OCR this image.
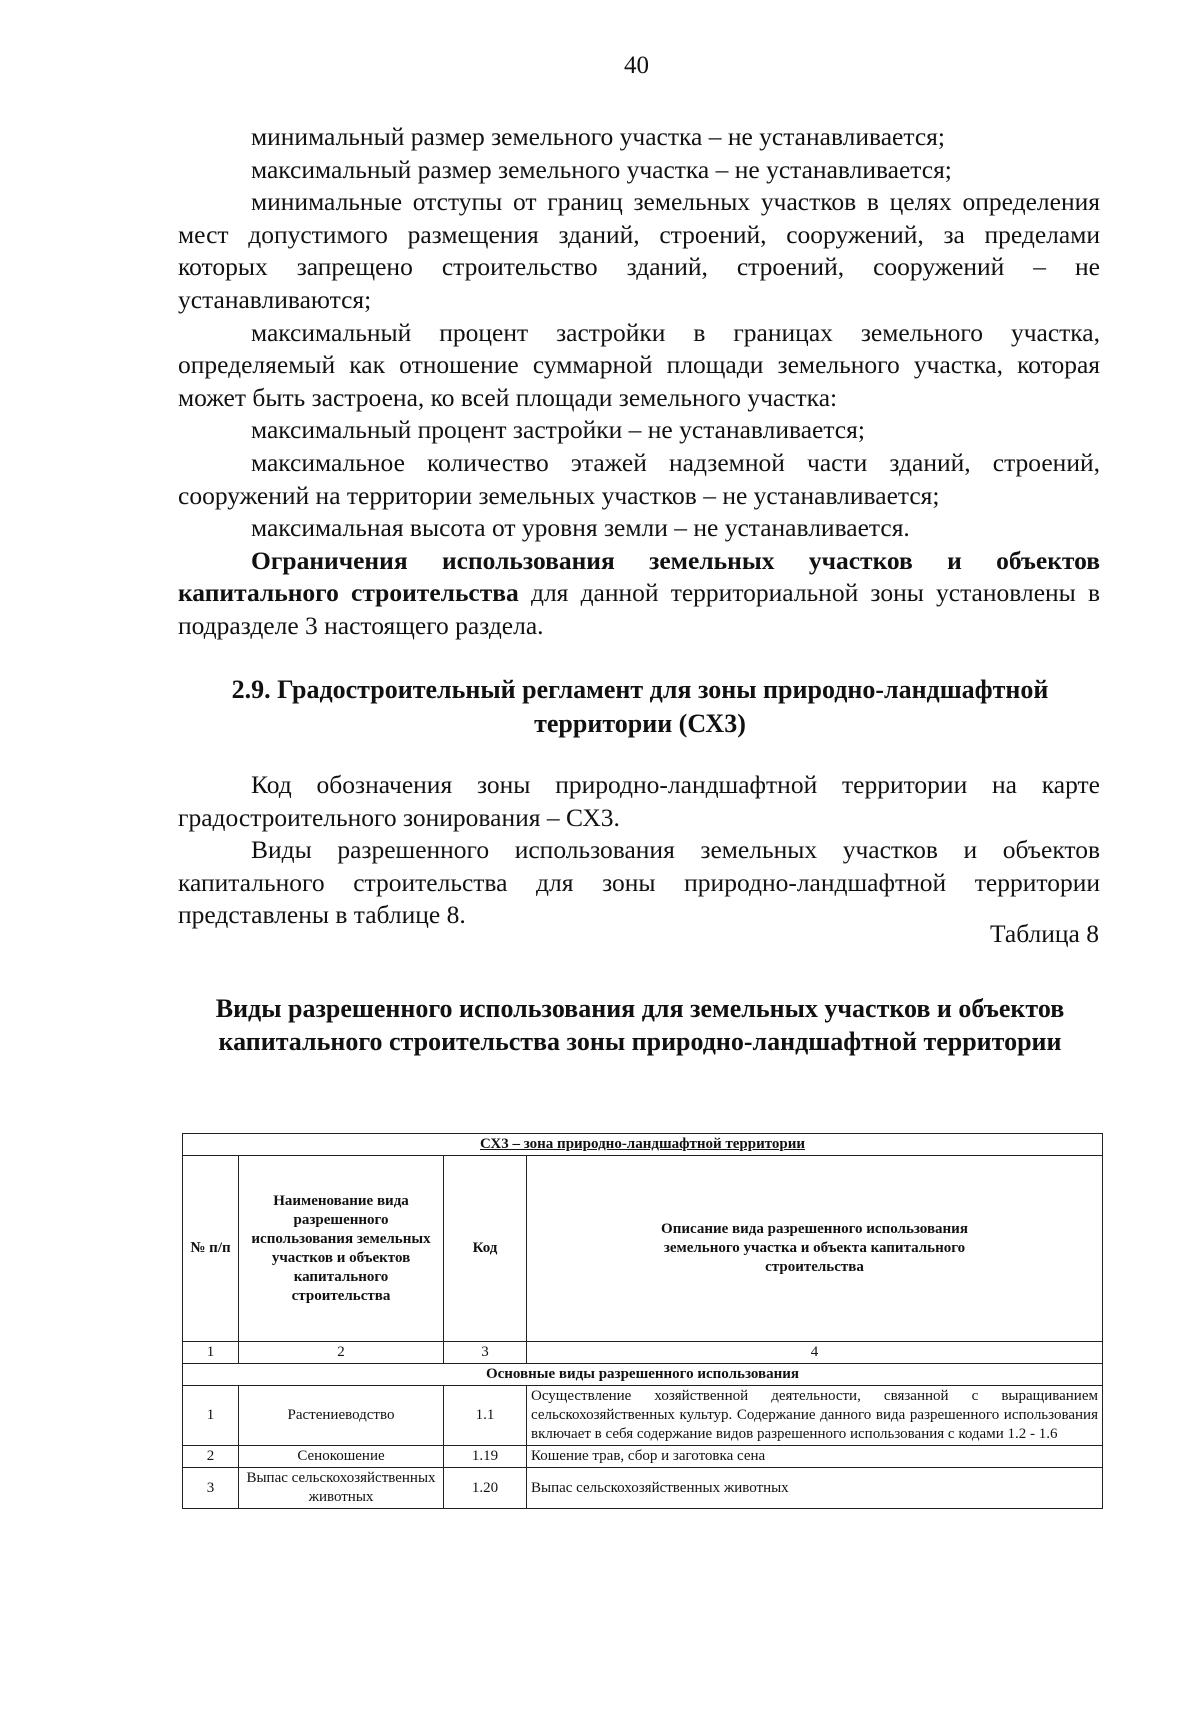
40

минимальный размер земельного участка – не устанавливается;

максимальный размер земельного участка – не устанавливается;

минимальные отступы от границ земельных участков в целях определения мест допустимого размещения зданий, строений, сооружений, за пределами которых запрещено строительство зданий, строений, сооружений – не устанавливаются;

максимальный процент застройки в границах земельного участка, определяемый как отношение суммарной площади земельного участка, которая может быть застроена, ко всей площади земельного участка:

максимальный процент застройки – не устанавливается;

максимальное количество этажей надземной части зданий, строений, сооружений на территории земельных участков – не устанавливается;

максимальная высота от уровня земли – не устанавливается.

Ограничения использования земельных участков и объектов капитального строительства для данной территориальной зоны установлены в подразделе 3 настоящего раздела.

2.9. Градостроительный регламент для зоны природно-ландшафтной территории (СХ3)

Код обозначения зоны природно-ландшафтной территории на карте градостроительного зонирования – СХ3.

Виды разрешенного использования земельных участков и объектов капитального строительства для зоны природно-ландшафтной территории представлены в таблице 8.

Таблица 8
Виды разрешенного использования для земельных участков и объектов капитального строительства зоны природно-ландшафтной территории
СХ3 – зона природно-ландшафтной территории			
№ п/п	Наименование вида разрешенного использования земельных участков и объектов капитального строительства	Код	Описание вида разрешенного использования земельного участка и объекта капитального строительства
1	2	3	4
Основные виды разрешенного использования			
1	Растениеводство	1.1	Осуществление хозяйственной деятельности, связанной с выращиванием сельскохозяйственных культур. Содержание данного вида разрешенного использования включает в себя содержание видов разрешенного использования с кодами 1.2 - 1.6
2	Сенокошение	1.19	Кошение трав, сбор и заготовка сена
3	Выпас сельскохозяйственных животных	1.20	Выпас сельскохозяйственных животных
